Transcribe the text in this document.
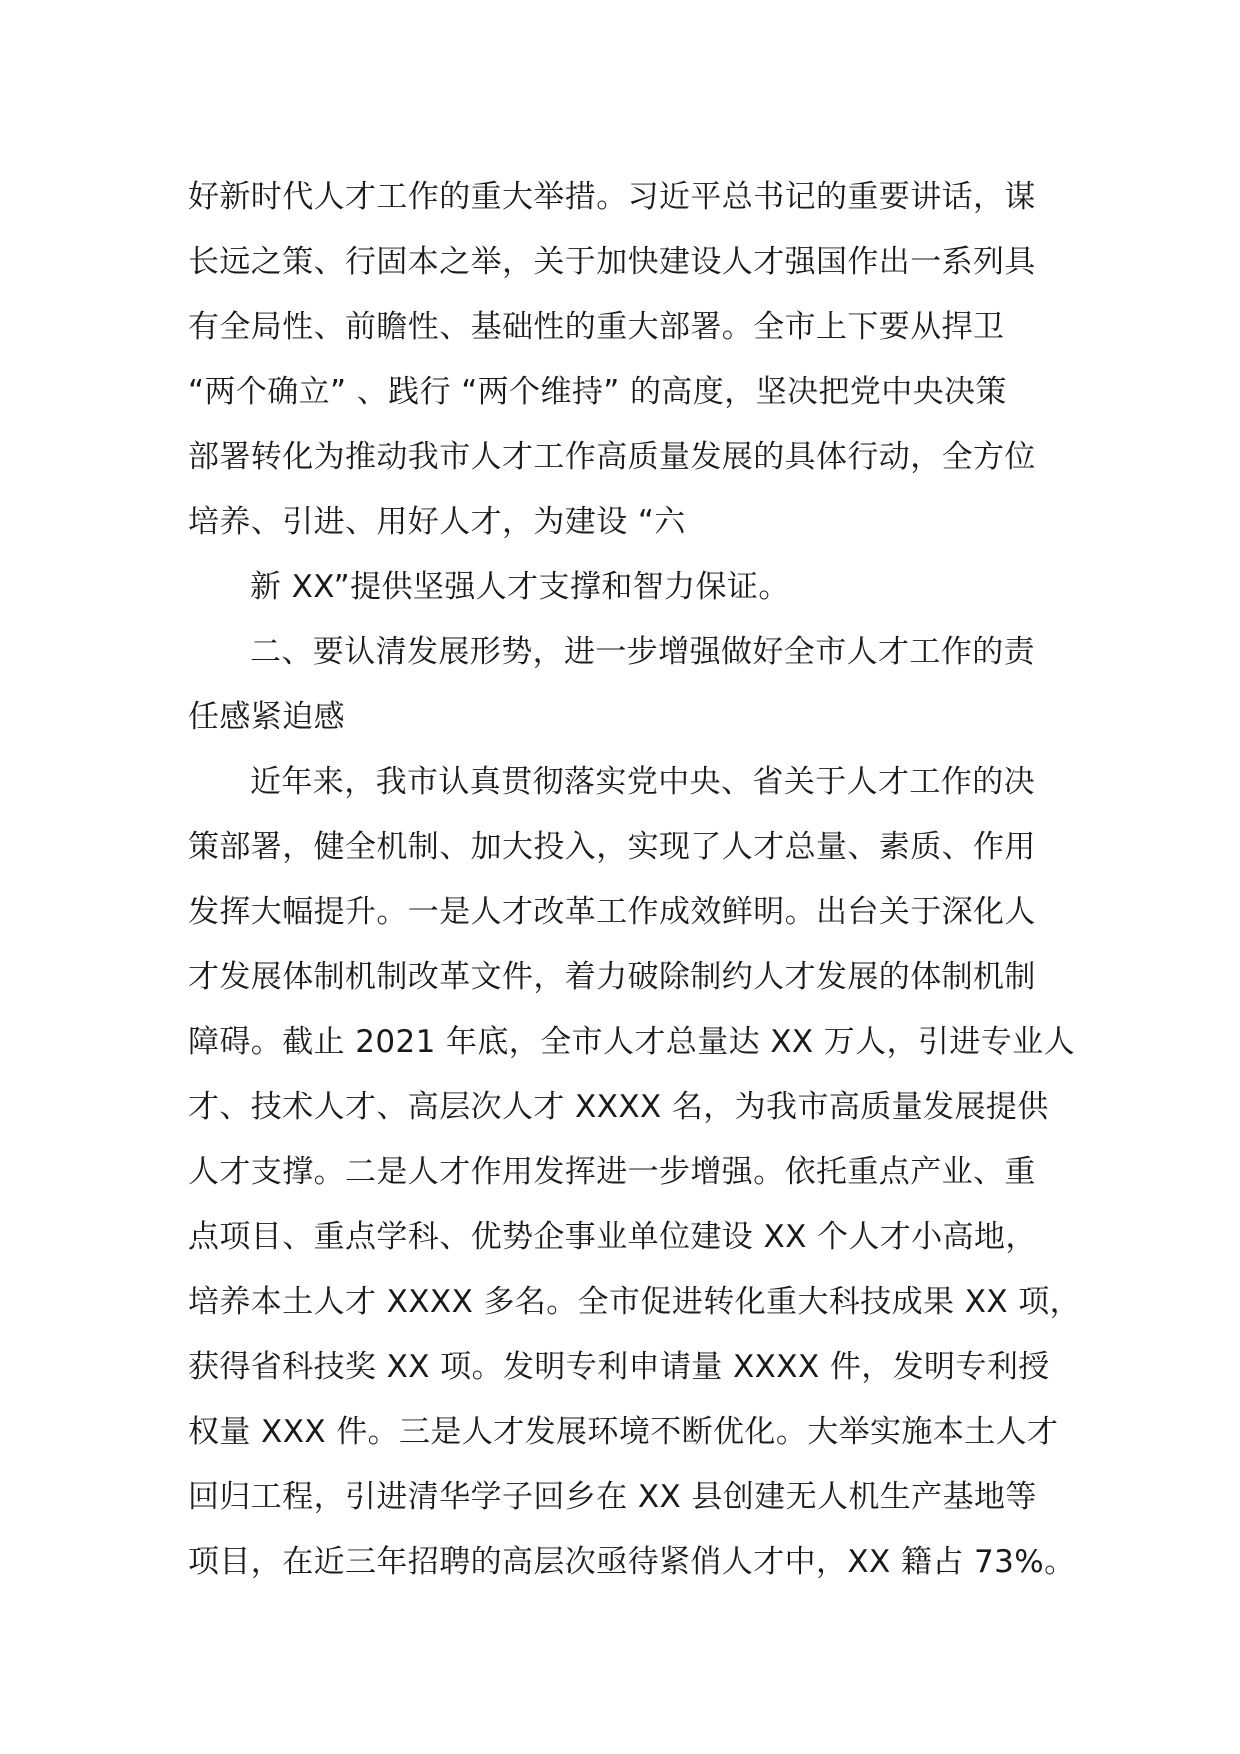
好新时代人才工作的重大举措。习近平总书记的重要讲话，谋
长远之策、行固本之举，关于加快建设人才强国作出一系列具
有全局性、前瞻性、基础性的重大部署。全市上下要从捍卫
“两个确立” 、践行 “两个维持” 的高度，坚决把党中央决策
部署转化为推动我市人才工作高质量发展的具体行动，全方位
培养、引进、用好人才，为建设 “六
新 XX”提供坚强人才支撑和智力保证。
二、要认清发展形势，进一步增强做好全市人才工作的责
任感紧迫感
近年来，我市认真贯彻落实党中央、省关于人才工作的决
策部署，健全机制、加大投入，实现了人才总量、素质、作用
发挥大幅提升。一是人才改革工作成效鲜明。出台关于深化人
才发展体制机制改革文件，着力破除制约人才发展的体制机制
障碍。截止 2021 年底，全市人才总量达 XX 万人，引进专业人
才、技术人才、高层次人才 XXXX 名，为我市高质量发展提供
人才支撑。二是人才作用发挥进一步增强。依托重点产业、重
点项目、重点学科、优势企事业单位建设 XX 个人才小高地，
培养本土人才 XXXX 多名。全市促进转化重大科技成果 XX 项，
获得省科技奖 XX 项。发明专利申请量 XXXX 件，发明专利授
权量 XXX 件。三是人才发展环境不断优化。大举实施本土人才
回归工程，引进清华学子回乡在 XX 县创建无人机生产基地等
项目，在近三年招聘的高层次亟待紧俏人才中，XX 籍占 73%。
